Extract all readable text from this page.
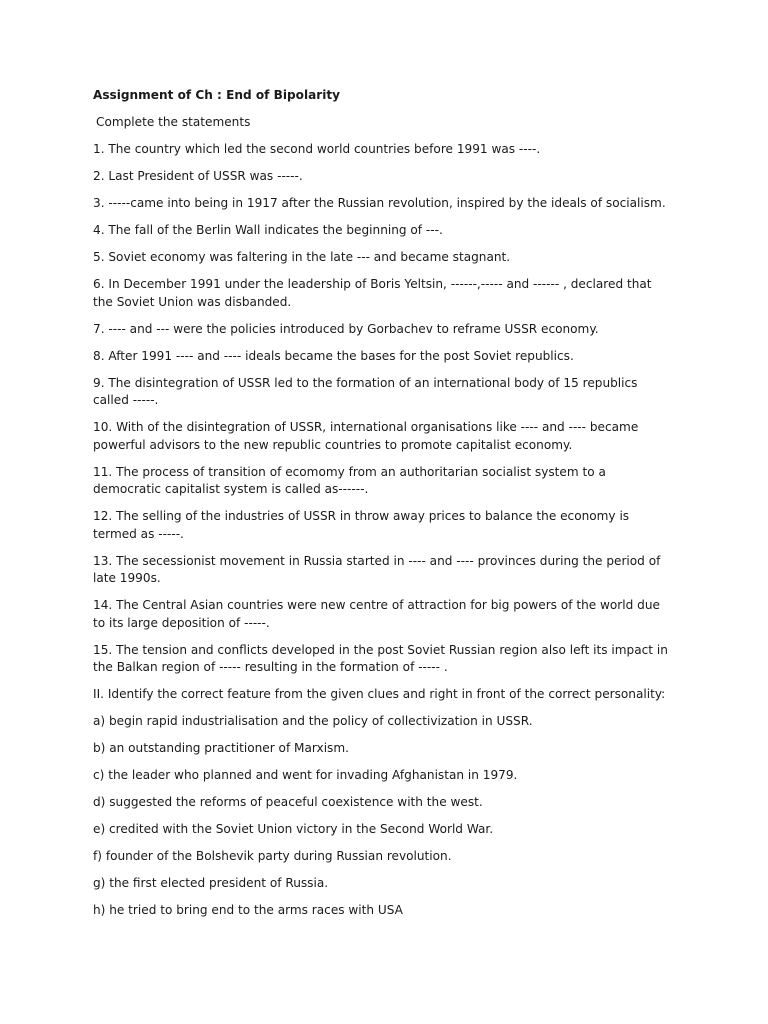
Assignment of Ch : End of Bipolarity
Complete the statements
1. The country which led the second world countries before 1991 was ----.
2. Last President of USSR was -----.
3. -----came into being in 1917 after the Russian revolution, inspired by the ideals of socialism.
4. The fall of the Berlin Wall indicates the beginning of ---.
5. Soviet economy was faltering in the late --- and became stagnant.
6. In December 1991 under the leadership of Boris Yeltsin, ------,----- and ------ , declared that the Soviet Union was disbanded.
7. ---- and --- were the policies introduced by Gorbachev to reframe USSR economy.
8. After 1991 ---- and ---- ideals became the bases for the post Soviet republics.
9. The disintegration of USSR led to the formation of an international body of 15 republics called -----.
10. With of the disintegration of USSR, international organisations like ---- and ---- became powerful advisors to the new republic countries to promote capitalist economy.
11. The process of transition of ecomomy from an authoritarian socialist system to a democratic capitalist system is called as------.
12. The selling of the industries of USSR in throw away prices to balance the economy is termed as -----.
13. The secessionist movement in Russia started in ---- and ---- provinces during the period of late 1990s.
14. The Central Asian countries were new centre of attraction for big powers of the world due to its large deposition of -----.
15. The tension and conflicts developed in the post Soviet Russian region also left its impact in the Balkan region of ----- resulting in the formation of ----- .
II. Identify the correct feature from the given clues and right in front of the correct personality:
a) begin rapid industrialisation and the policy of collectivization in USSR.
b) an outstanding practitioner of Marxism.
c) the leader who planned and went for invading Afghanistan in 1979.
d) suggested the reforms of peaceful coexistence with the west.
e) credited with the Soviet Union victory in the Second World War.
f) founder of the Bolshevik party during Russian revolution.
g) the first elected president of Russia.
h) he tried to bring end to the arms races with USA
